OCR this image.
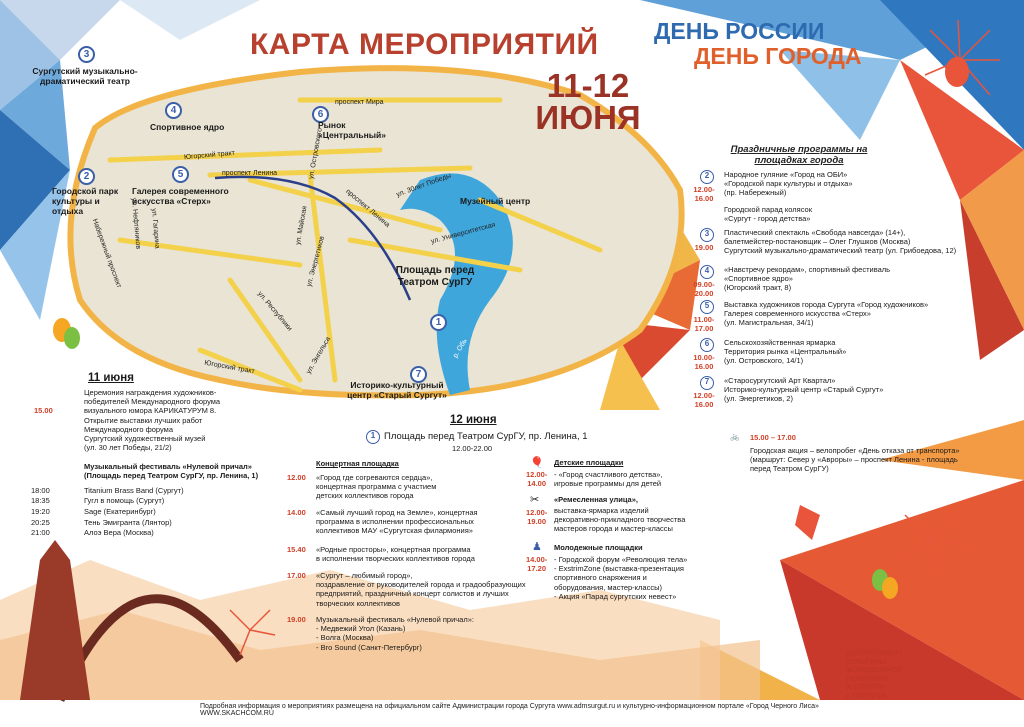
КАРТА МЕРОПРИЯТИЙ ДЕНЬ РОССИИ
ДЕНЬ ГОРОДА
11-12
ИЮНЯ
3
Сургутский музыкально-драматический театр
4
Спортивное ядро
6
Рынок «Центральный»
2
Городской парк культуры и отдыха
5
Галерея современного искусства «Стерх»	Музейный центр
Площадь перед Театром СурГУ
1
7
Историко-культурный центр «Старый Сургут»
проспект Мира
проспект Ленина
проспект Ленина
ул. 30лет Победы
ул. Островского
ул. Университетская
ул. Майская
ул. Энергетиков
ул. Республики
ул. Энгельса
Югорский тракт
Югорский тракт
Набережный проспект ул. Нефтяников ул. Гагарина
р. Обь
Праздничные программы на площадках города
2
12.00-
16.00
Народное гуляние «Город на ОБИ»
«Городской парк культуры и отдыха»
(пр. Набережный)
Городской парад колясок
«Сургут - город детства»
3
19.00
Пластический спектакль «Свобода навсегда» (14+),
балетмейстер-постановщик – Олег Глушков (Москва)
Сургутский музыкально-драматический театр (ул. Грибоедова, 12)
4
09.00-
20.00
«Навстречу рекордам», спортивный фестиваль
«Спортивное ядро»
(Югорский тракт, 8)
5
11.00-
17.00
Выставка художников города Сургута «Город художников»
Галерея современного искусства «Стерх»
(ул. Магистральная, 34/1)
6
10.00-
16.00
Сельскохозяйственная ярмарка
Территория рынка «Центральный»
(ул. Островского, 14/1)
7
12.00-
16.00
«Старосургутский Арт Квартал»
Историко-культурный центр «Старый Сургут»
(ул. Энергетиков, 2)
🚲 15.00 – 17.00
Городская акция – велопробег «День отказа от транспорта»
(маршрут: Север у «Авроры» – проспект Ленина - площадь
перед Театром СурГУ)
11 июня
15.00
Церемония награждения художников-
победителей Международного форума
визуального юмора КАРИКАТУРУМ 8.
Открытие выставки лучших работ
Международного форума
Сургутский художественный музей
(ул. 30 лет Победы, 21/2)
Музыкальный фестиваль «Нулевой причал»
(Площадь перед Театром СурГУ, пр. Ленина, 1)
18:00	Titanium Brass Band (Сургут)
18:35	Гугл в помощь (Сургут)
19:20	Sage (Екатеринбург)
20:25	Тень Эмигранта (Лянтор)
21:00	Алоэ Вера (Москва)
12 июня
1 Площадь перед Театром СурГУ, пр. Ленина, 1
12.00-22.00
Концертная площадка
12.00 «Город где согреваются сердца»,
концертная программа с участием
детских коллективов города
14.00 «Самый лучший город на Земле», концертная
программа в исполнении профессиональных
коллективов МАУ «Сургутская филармония»
15.40 «Родные просторы», концертная программа
в исполнении творческих коллективов города
17.00 «Сургут – любимый город»,
поздравление от руководителей города и градообразующих
предприятий, праздничный концерт солистов и лучших
творческих коллективов
19.00 Музыкальный фестиваль «Нулевой причал»:
- Медвежий Угол (Казань)
- Волга (Москва)
- Bro Sound (Санкт-Петербург)
🎈 Детские площадки
12.00-
14.00
- «Город счастливого детства»,
игровые программы для детей
✂ «Ремесленная улица»,
12.00-
19.00
выставка-ярмарка изделий
декоративно-прикладного творчества
мастеров города и мастер-классы
♟ Молодежные площадки
14.00-
17.20
- Городской форум «Революция тела»
- ExstrimZone (выставка-презентация
спортивного снаряжения и
оборудования, мастер-классы)
- Акция «Парад сургутских невест»
ДЕПАРТАМЕНТ
КУЛЬТУРЫ
МОЛОДЕЖНОЙ
ПОЛИТИКИ
И СПОРТА
г. СУРГУТА
Подробная информация о мероприятиях размещена на официальном сайте Администрации города Сургута www.admsurgut.ru и культурно-информационном портале «Город Черного Лиса» WWW.SKACHCOM.RU
